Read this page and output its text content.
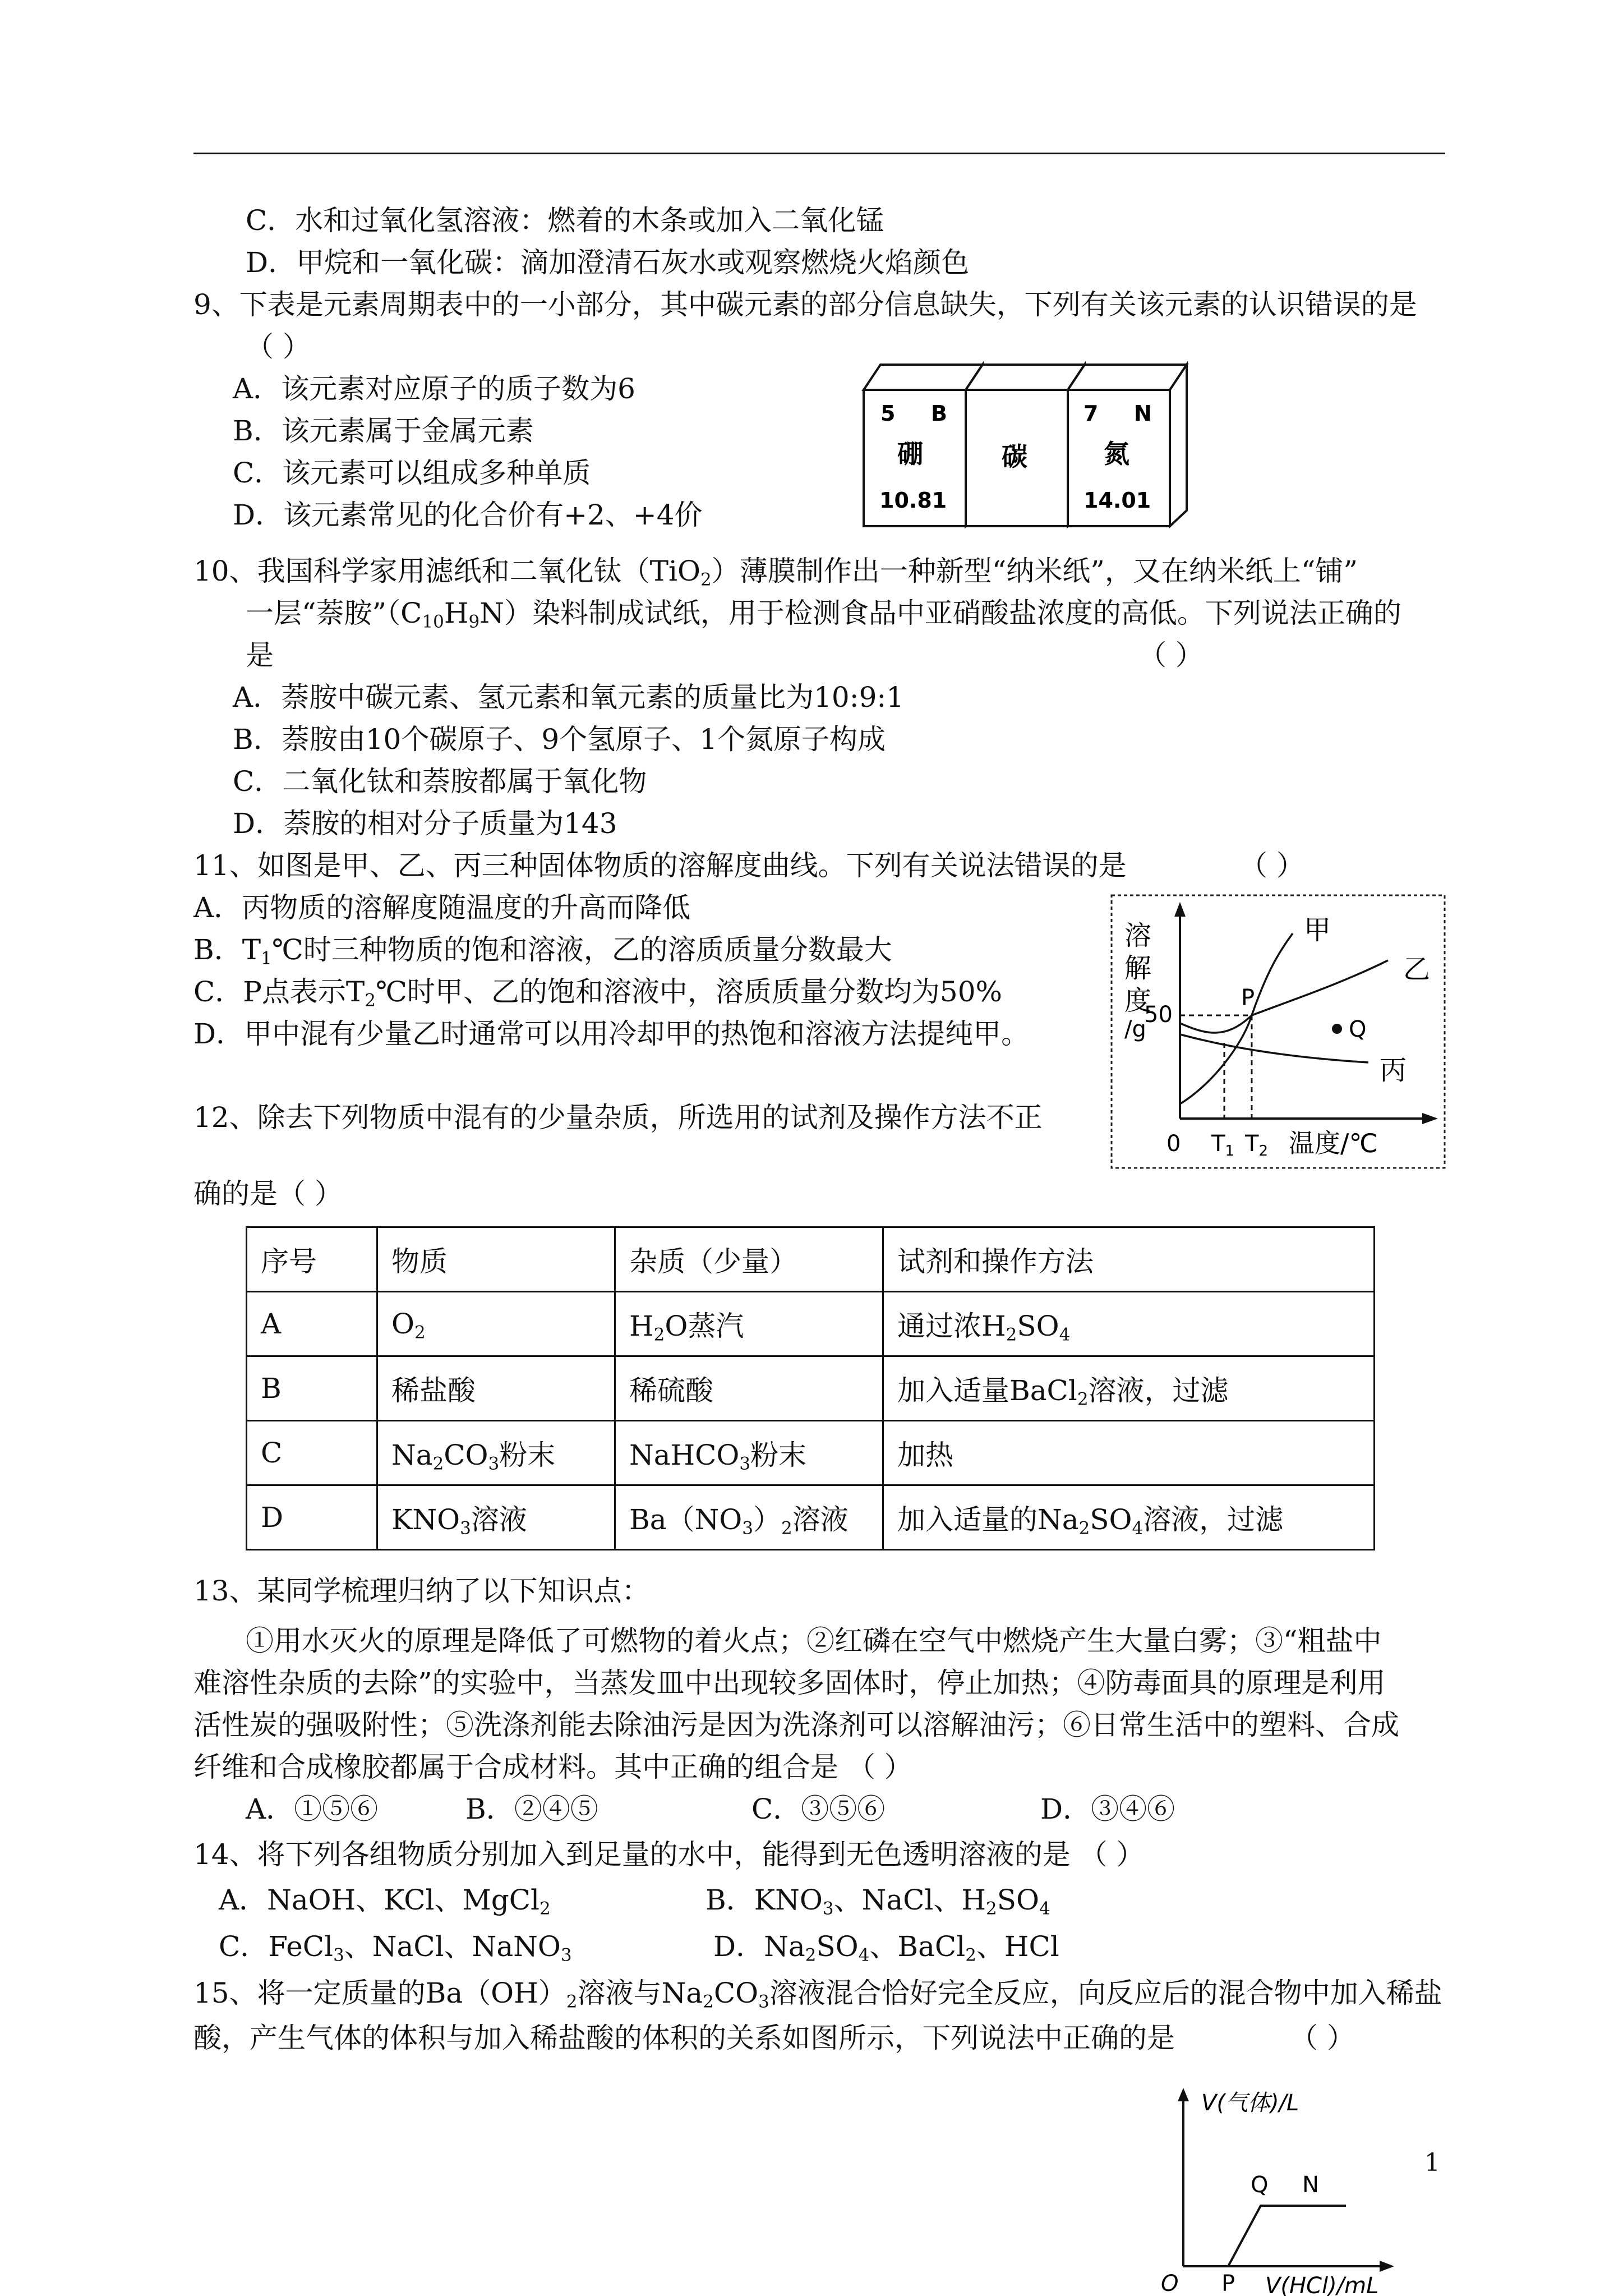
C．水和过氧化氢溶液：燃着的木条或加入二氧化锰
D．甲烷和一氧化碳：滴加澄清石灰水或观察燃烧火焰颜色
9、下表是元素周期表中的一小部分，其中碳元素的部分信息缺失，下列有关该元素的认识错误的是
（ ）
A．该元素对应原子的质子数为6
B．该元素属于金属元素
C．该元素可以组成多种单质
D．该元素常见的化合价有+2、+4价
5 B
硼
10.81
碳
7 N
氮
14.01
10、我国科学家用滤纸和二氧化钛（TiO$_2$）薄膜制作出一种新型“纳米纸”，又在纳米纸上“铺”
一层“萘胺$”(C_{10}H_9N)$染料制成试纸，用于检测食品中亚硝酸盐浓度的高低。下列说法正确的
是	（ ）
A．萘胺中碳元素、氢元素和氧元素的质量比为10:9:1
B．萘胺由10个碳原子、9个氢原子、1个氮原子构成
C．二氧化钛和萘胺都属于氧化物
D．萘胺的相对分子质量为143
11、如图是甲、乙、丙三种固体物质的溶解度曲线。下列有关说法错误的是	（ ）
A．丙物质的溶解度随温度的升高而降低
B．$T_1℃$时三种物质的饱和溶液，乙的溶质质量分数最大
C．P点表示$T_2℃$时甲、乙的饱和溶液中，溶质质量分数均为50%
D．甲中混有少量乙时通常可以用冷却甲的热饱和溶液方法提纯甲。
溶
解
度
/g
50
Q
P
甲
乙
丙
0 $T_1$ $T_2$ 温度/℃
12、除去下列物质中混有的少量杂质，所选用的试剂及操作方法不正
确的是（ ）
序号	物质	杂质（少量）	试剂和操作方法
A	$O_2$	$H_2O$蒸汽	通过浓$H_2SO_4$
B	稀盐酸	稀硫酸	加入适量BaCl$_2$溶液，过滤
C	$Na_2CO_3$粉末	NaHCO$_3$粉末	加热
D	$KNO_3$溶液	$Ba(NO_3)_2$溶液	加入适量的$Na_2SO_4$溶液，过滤
13、某同学梳理归纳了以下知识点：
①用水灭火的原理是降低了可燃物的着火点；②红磷在空气中燃烧产生大量白雾；③“粗盐中
难溶性杂质的去除”的实验中，当蒸发皿中出现较多固体时，停止加热；④防毒面具的原理是利用
活性炭的强吸附性；⑤洗涤剂能去除油污是因为洗涤剂可以溶解油污；⑥日常生活中的塑料、合成
纤维和合成橡胶都属于合成材料。其中正确的组合是 （ ）
A．①⑤⑥	B．②④⑤	C．③⑤⑥	D．③④⑥
14、将下列各组物质分别加入到足量的水中，能得到无色透明溶液的是 （ ）
A．NaOH、KCl、MgCl$_2$	B．$KNO_3$、NaCl、$H_2SO_4$
C．FeCl$_3$、NaCl、NaNO$_3$	D．$Na_2SO_4$、BaCl$_2$、HCl
15、将一定质量的$Ba(OH)_2$溶液与$Na_2CO_3$溶液混合恰好完全反应，向反应后的混合物中加入稀盐
酸，产生气体的体积与加入稀盐酸的体积的关系如图所示，下列说法中正确的是	（ ）
V(气体)/L
Q N
O P V(HCl)/mL
1
